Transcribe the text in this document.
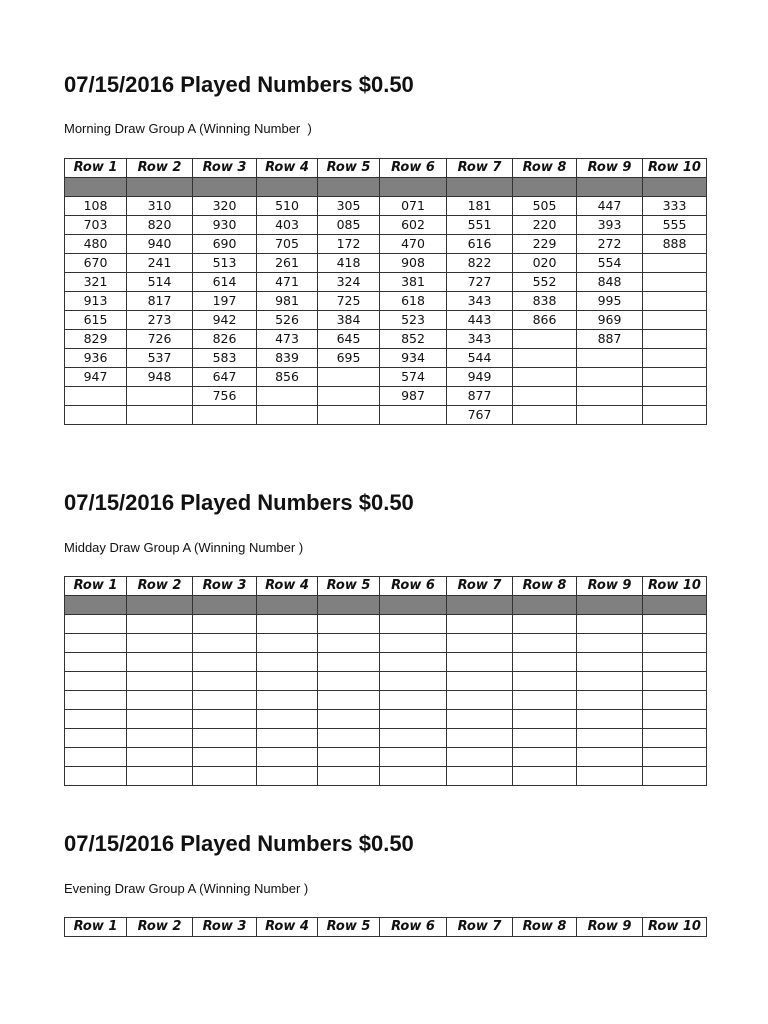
07/15/2016 Played Numbers $0.50

Morning Draw Group A (Winning Number  )

Row 1	Row 2	Row 3	Row 4	Row 5	Row 6	Row 7	Row 8	Row 9	Row 10

108	310	320	510	305	071	181	505	447	333
703	820	930	403	085	602	551	220	393	555
480	940	690	705	172	470	616	229	272	888
670	241	513	261	418	908	822	020	554	
321	514	614	471	324	381	727	552	848	
913	817	197	981	725	618	343	838	995	
615	273	942	526	384	523	443	866	969	
829	726	826	473	645	852	343		887	
936	537	583	839	695	934	544			
947	948	647	856		574	949			
		756			987	877			
						767			
07/15/2016 Played Numbers $0.50

Midday Draw Group A (Winning Number )

Row 1	Row 2	Row 3	Row 4	Row 5	Row 6	Row 7	Row 8	Row 9	Row 10

07/15/2016 Played Numbers $0.50

Evening Draw Group A (Winning Number )

Row 1	Row 2	Row 3	Row 4	Row 5	Row 6	Row 7	Row 8	Row 9	Row 10
